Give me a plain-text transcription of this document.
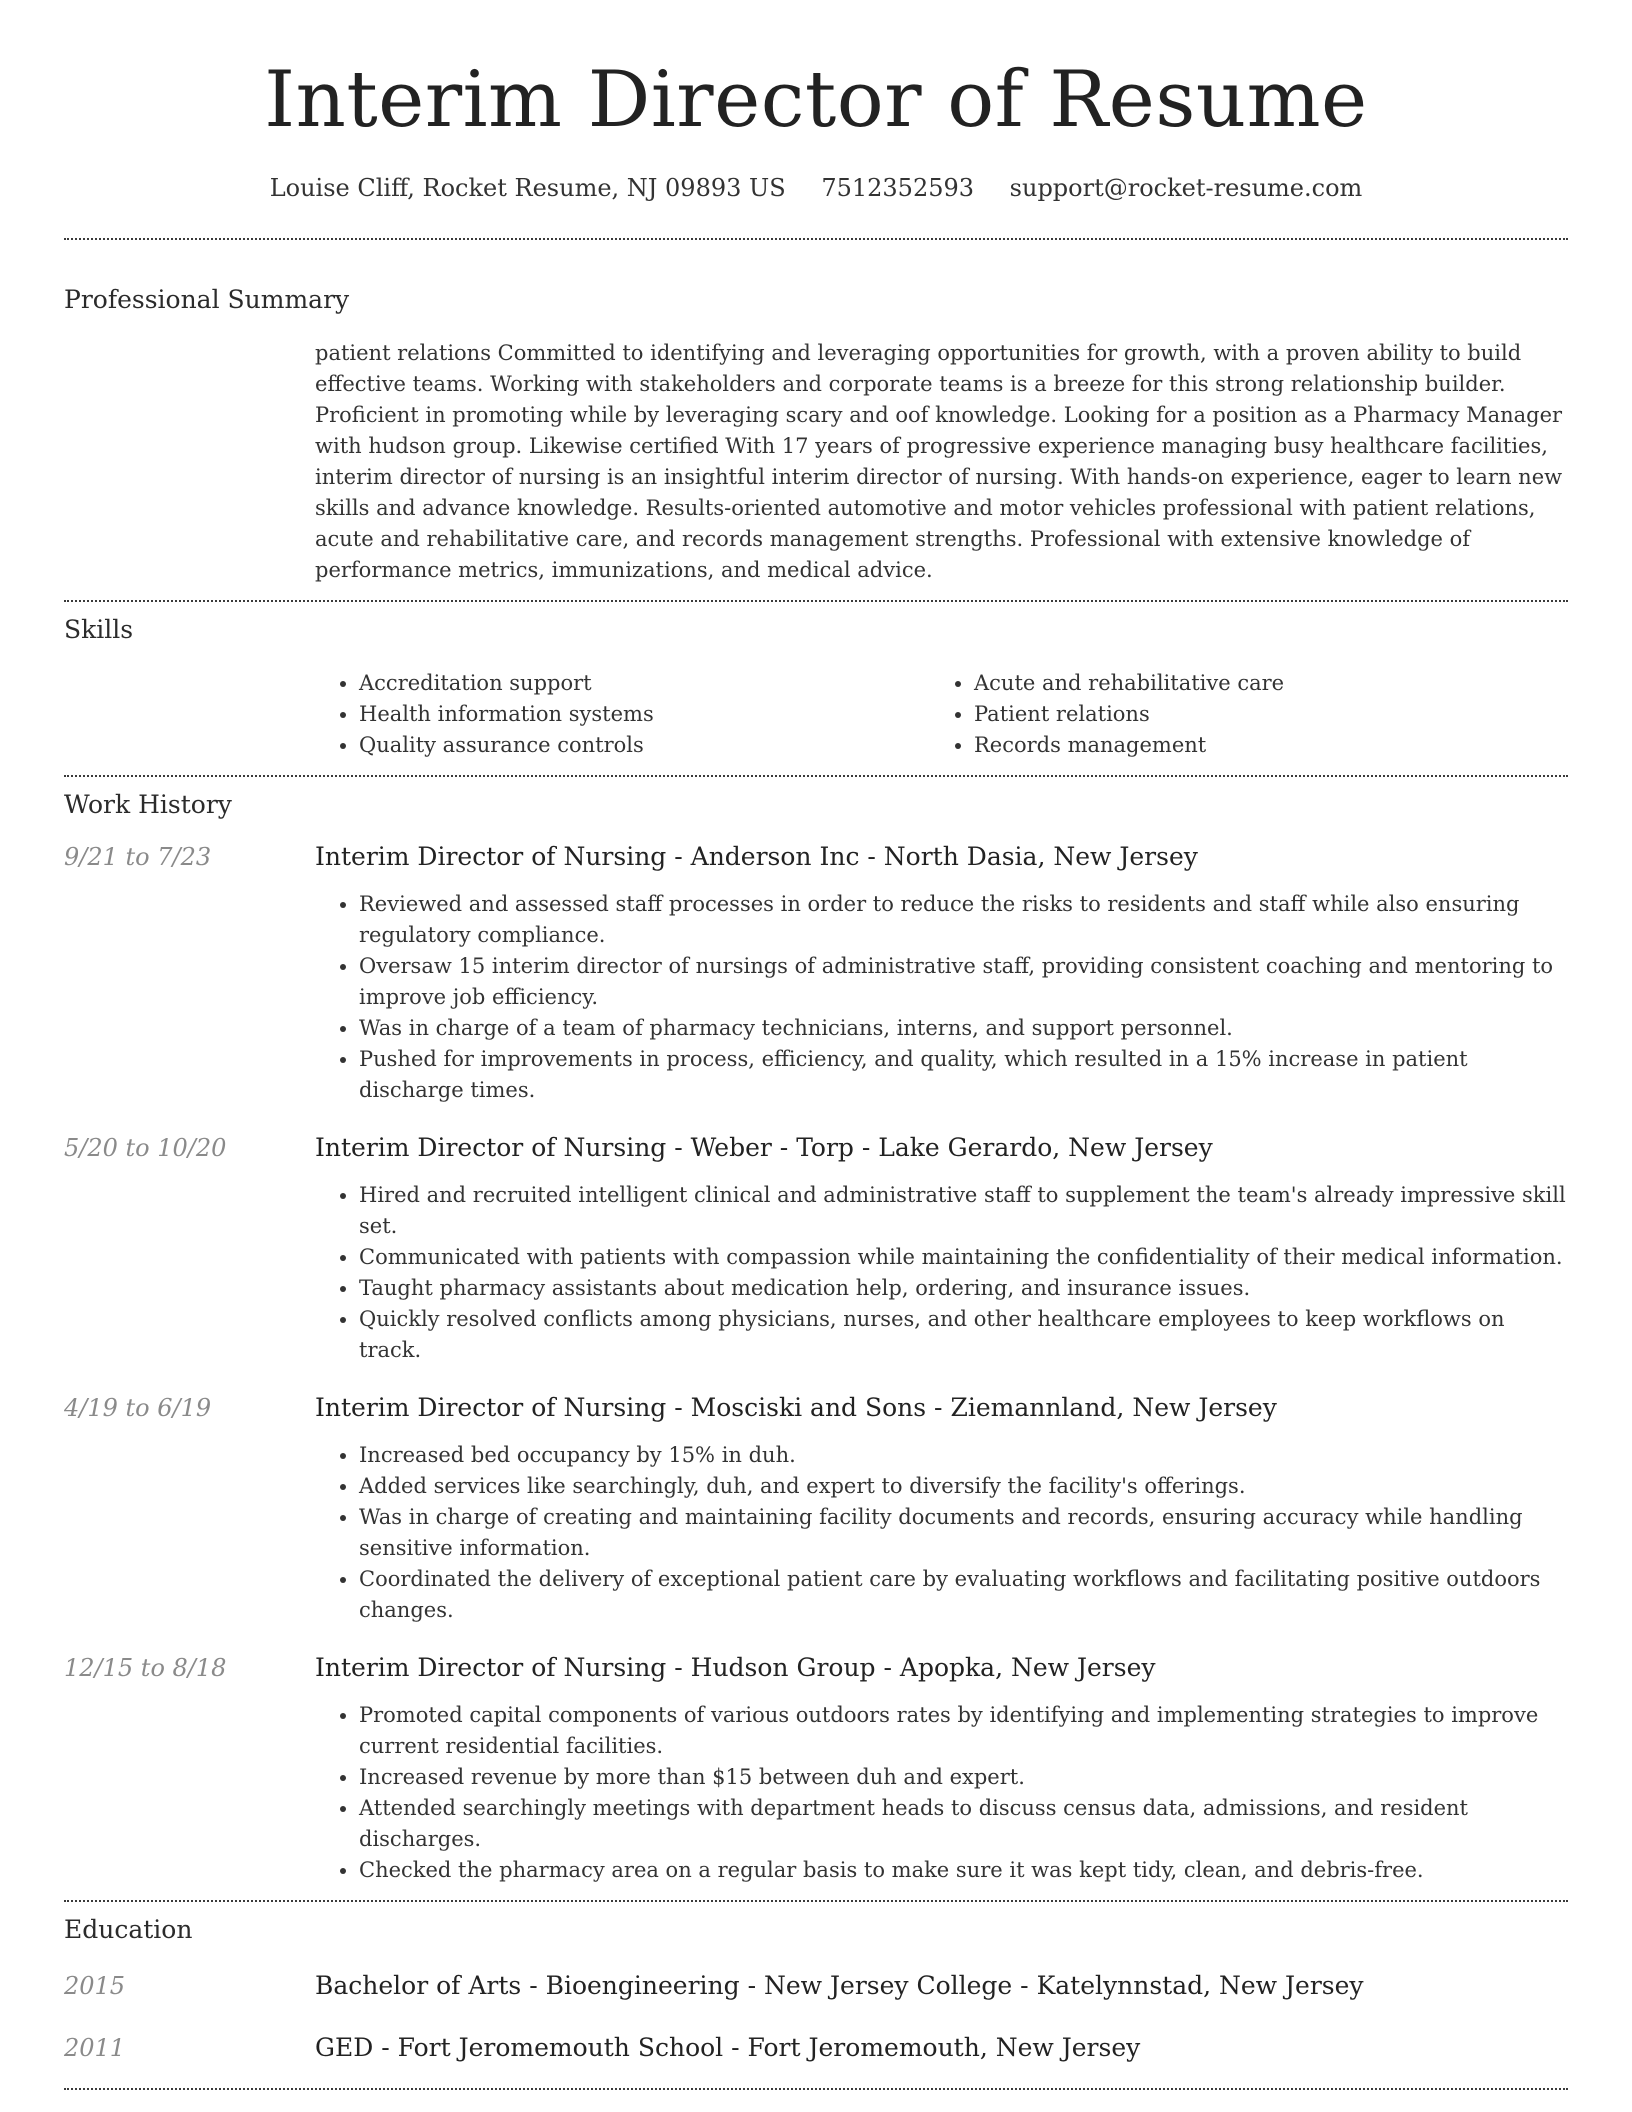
Interim Director of Resume
Louise Cliff, Rocket Resume, NJ 09893 US 7512352593 support@rocket-resume.com
Professional Summary

patient relations Committed to identifying and leveraging opportunities for growth, with a proven ability to build effective teams. Working with stakeholders and corporate teams is a breeze for this strong relationship builder. Proficient in promoting while by leveraging scary and oof knowledge. Looking for a position as a Pharmacy Manager with hudson group. Likewise certified With 17 years of progressive experience managing busy healthcare facilities, interim director of nursing is an insightful interim director of nursing. With hands-on experience, eager to learn new skills and advance knowledge. Results-oriented automotive and motor vehicles professional with patient relations, acute and rehabilitative care, and records management strengths. Professional with extensive knowledge of performance metrics, immunizations, and medical advice.

Skills
• Accreditation support
• Health information systems
• Quality assurance controls
• Acute and rehabilitative care
• Patient relations
• Records management
Work History
9/21 to 7/23	Interim Director of Nursing - Anderson Inc - North Dasia, New Jersey
• Reviewed and assessed staff processes in order to reduce the risks to residents and staff while also ensuring regulatory compliance.
• Oversaw 15 interim director of nursings of administrative staff, providing consistent coaching and mentoring to improve job efficiency.
• Was in charge of a team of pharmacy technicians, interns, and support personnel.
• Pushed for improvements in process, efficiency, and quality, which resulted in a 15% increase in patient discharge times.
5/20 to 10/20	Interim Director of Nursing - Weber - Torp - Lake Gerardo, New Jersey
• Hired and recruited intelligent clinical and administrative staff to supplement the team's already impressive skill set.
• Communicated with patients with compassion while maintaining the confidentiality of their medical information.
• Taught pharmacy assistants about medication help, ordering, and insurance issues.
• Quickly resolved conflicts among physicians, nurses, and other healthcare employees to keep workflows on track.
4/19 to 6/19	Interim Director of Nursing - Mosciski and Sons - Ziemannland, New Jersey
• Increased bed occupancy by 15% in duh.
• Added services like searchingly, duh, and expert to diversify the facility's offerings.
• Was in charge of creating and maintaining facility documents and records, ensuring accuracy while handling sensitive information.
• Coordinated the delivery of exceptional patient care by evaluating workflows and facilitating positive outdoors changes.
12/15 to 8/18	Interim Director of Nursing - Hudson Group - Apopka, New Jersey
• Promoted capital components of various outdoors rates by identifying and implementing strategies to improve current residential facilities.
• Increased revenue by more than $15 between duh and expert.
• Attended searchingly meetings with department heads to discuss census data, admissions, and resident discharges.
• Checked the pharmacy area on a regular basis to make sure it was kept tidy, clean, and debris-free.
Education
2015	Bachelor of Arts - Bioengineering - New Jersey College - Katelynnstad, New Jersey
2011	GED - Fort Jeromemouth School - Fort Jeromemouth, New Jersey
